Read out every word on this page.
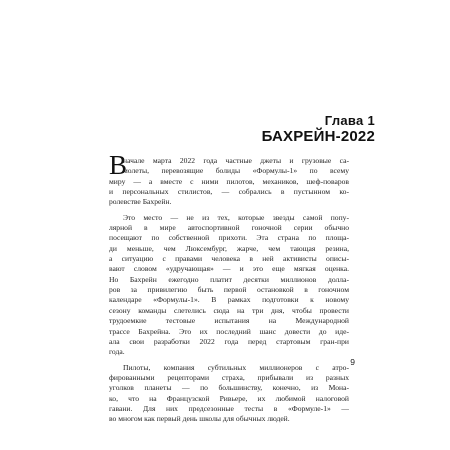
Глава 1
БАХРЕЙН-2022
В
начале марта 2022 года частные джеты и грузовые са-
молеты, перевозящие болиды «Формулы-1» по всему
миру — а вместе с ними пилотов, механиков, шеф-поваров
и персональных стилистов, — собрались в пустынном ко-
ролевстве Бахрейн.
Это место — не из тех, которые звезды самой попу-
лярной в мире автоспортивной гоночной серии обычно
посещают по собственной прихоти. Эта страна по площа-
ди меньше, чем Люксембург, жарче, чем тающая резина,
а ситуацию с правами человека в ней активисты описы-
вают словом «удручающая» — и это еще мягкая оценка.
Но Бахрейн ежегодно платит десятки миллионов долла-
ров за привилегию быть первой остановкой в гоночном
календаре «Формулы-1». В рамках подготовки к новому
сезону команды слетелись сюда на три дня, чтобы провести
трудоемкие тестовые испытания на Международной
трассе Бахрейна. Это их последний шанс довести до иде-
ала свои разработки 2022 года перед стартовым гран-при
года.
Пилоты, компания субтильных миллионеров с атро-
фированными рецепторами страха, прибывали из разных
уголков планеты — по большинству, конечно, из Мона-
ко, что на Французской Ривьере, их любимой налоговой
гавани. Для них предсезонные тесты в «Формуле-1» —
во многом как первый день школы для обычных людей.
9
